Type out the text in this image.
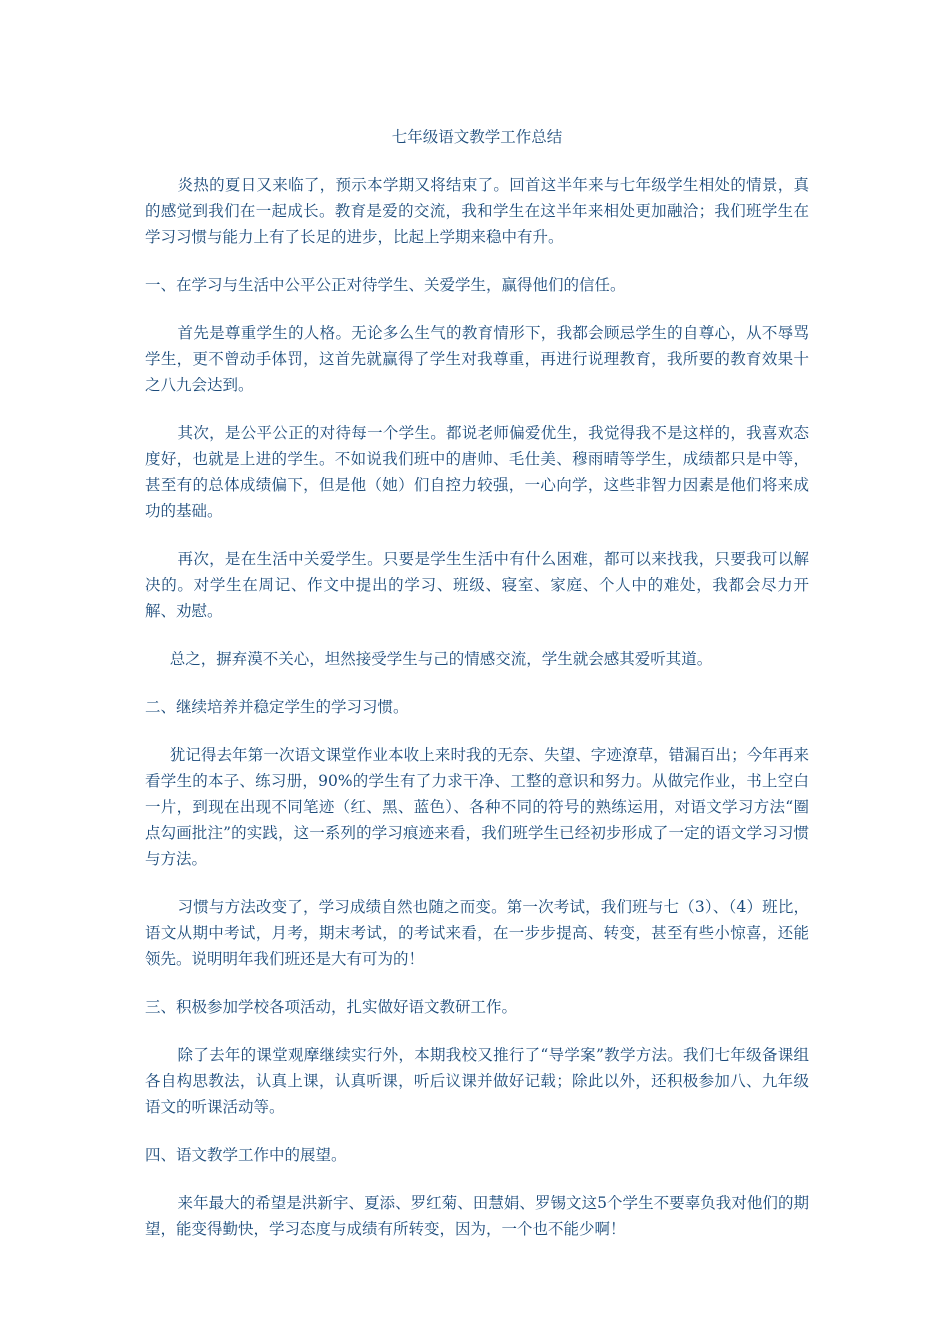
七年级语文教学工作总结

炎热的夏日又来临了，预示本学期又将结束了。回首这半年来与七年级学生相处的情景，真的感觉到我们在一起成长。教育是爱的交流，我和学生在这半年来相处更加融洽；我们班学生在学习习惯与能力上有了长足的进步，比起上学期来稳中有升。

一、在学习与生活中公平公正对待学生、关爱学生，赢得他们的信任。

首先是尊重学生的人格。无论多么生气的教育情形下，我都会顾忌学生的自尊心，从不辱骂学生，更不曾动手体罚，这首先就赢得了学生对我尊重，再进行说理教育，我所要的教育效果十之八九会达到。

其次，是公平公正的对待每一个学生。都说老师偏爱优生，我觉得我不是这样的，我喜欢态度好，也就是上进的学生。不如说我们班中的唐帅、毛仕美、穆雨晴等学生，成绩都只是中等，甚至有的总体成绩偏下，但是他（她）们自控力较强，一心向学，这些非智力因素是他们将来成功的基础。

再次，是在生活中关爱学生。只要是学生生活中有什么困难，都可以来找我，只要我可以解决的。对学生在周记、作文中提出的学习、班级、寝室、家庭、个人中的难处，我都会尽力开解、劝慰。

总之，摒弃漠不关心，坦然接受学生与己的情感交流，学生就会感其爱听其道。

二、继续培养并稳定学生的学习习惯。

犹记得去年第一次语文课堂作业本收上来时我的无奈、失望、字迹潦草，错漏百出；今年再来看学生的本子、练习册，90%的学生有了力求干净、工整的意识和努力。从做完作业，书上空白一片，到现在出现不同笔迹（红、黑、蓝色）、各种不同的符号的熟练运用，对语文学习方法“圈点勾画批注”的实践，这一系列的学习痕迹来看，我们班学生已经初步形成了一定的语文学习习惯与方法。

习惯与方法改变了，学习成绩自然也随之而变。第一次考试，我们班与七（3）、（4）班比，语文从期中考试，月考，期末考试，的考试来看，在一步步提高、转变，甚至有些小惊喜，还能领先。说明明年我们班还是大有可为的！

三、积极参加学校各项活动，扎实做好语文教研工作。

除了去年的课堂观摩继续实行外，本期我校又推行了“导学案”教学方法。我们七年级备课组各自构思教法，认真上课，认真听课，听后议课并做好记载；除此以外，还积极参加八、九年级语文的听课活动等。

四、语文教学工作中的展望。

来年最大的希望是洪新宇、夏添、罗红菊、田慧娟、罗锡文这5个学生不要辜负我对他们的期望，能变得勤快，学习态度与成绩有所转变，因为，一个也不能少啊！
